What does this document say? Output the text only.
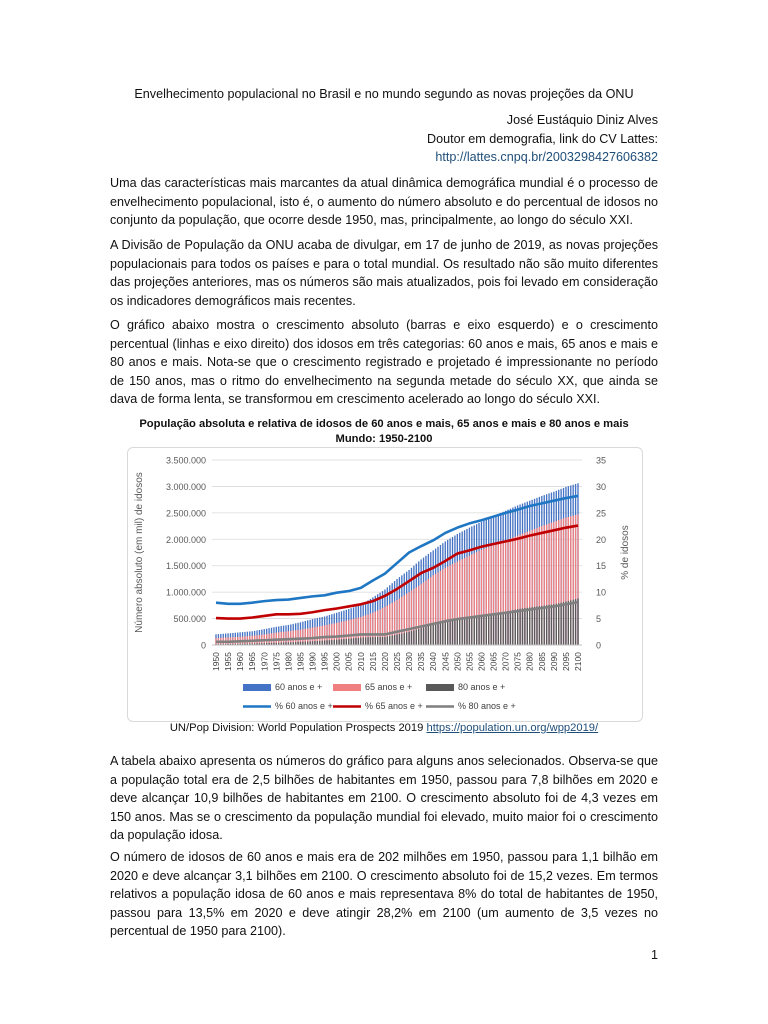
Envelhecimento populacional no Brasil e no mundo segundo as novas projeções da ONU
José Eustáquio Diniz Alves
Doutor em demografia, link do CV Lattes:
http://lattes.cnpq.br/2003298427606382

Uma das características mais marcantes da atual dinâmica demográfica mundial é o processo de envelhecimento populacional, isto é, o aumento do número absoluto e do percentual de idosos no conjunto da população, que ocorre desde 1950, mas, principalmente, ao longo do século XXI.

A Divisão de População da ONU acaba de divulgar, em 17 de junho de 2019, as novas projeções populacionais para todos os países e para o total mundial. Os resultado não são muito diferentes das projeções anteriores, mas os números são mais atualizados, pois foi levado em consideração os indicadores demográficos mais recentes.

O gráfico abaixo mostra o crescimento absoluto (barras e eixo esquerdo) e o crescimento percentual (linhas e eixo direito) dos idosos em três categorias: 60 anos e mais, 65 anos e mais e 80 anos e mais. Nota-se que o crescimento registrado e projetado é impressionante no período de 150 anos, mas o ritmo do envelhecimento na segunda metade do século XX, que ainda se dava de forma lenta, se transformou em crescimento acelerado ao longo do século XXI.

População absoluta e relativa de idosos de 60 anos e mais, 65 anos e mais e 80 anos e mais
Mundo: 1950-2100
0
500.000
1.000.000
1.500.000
2.000.000
2.500.000
3.000.000
3.500.000
0
5
10
15
20
25
30
35
1950 1955 1960 1965 1970 1975 1980 1985 1990 1995 2000 2005 2010 2015 2020 2025 2030 2035 2040 2045 2050 2055 2060 2065 2070 2075 2080 2085 2090 2095 2100
Número absoluto (em mil) de idosos	% de idosos
60 anos e +	65 anos e +	80 anos e +
% 60 anos e +	% 65 anos e +	% 80 anos e +
UN/Pop Division: World Population Prospects 2019 https://population.un.org/wpp2019/

A tabela abaixo apresenta os números do gráfico para alguns anos selecionados. Observa-se que a população total era de 2,5 bilhões de habitantes em 1950, passou para 7,8 bilhões em 2020 e deve alcançar 10,9 bilhões de habitantes em 2100. O crescimento absoluto foi de 4,3 vezes em 150 anos. Mas se o crescimento da população mundial foi elevado, muito maior foi o crescimento da população idosa.

O número de idosos de 60 anos e mais era de 202 milhões em 1950, passou para 1,1 bilhão em 2020 e deve alcançar 3,1 bilhões em 2100. O crescimento absoluto foi de 15,2 vezes. Em termos relativos a população idosa de 60 anos e mais representava 8% do total de habitantes de 1950, passou para 13,5% em 2020 e deve atingir 28,2% em 2100 (um aumento de 3,5 vezes no percentual de 1950 para 2100).

1
